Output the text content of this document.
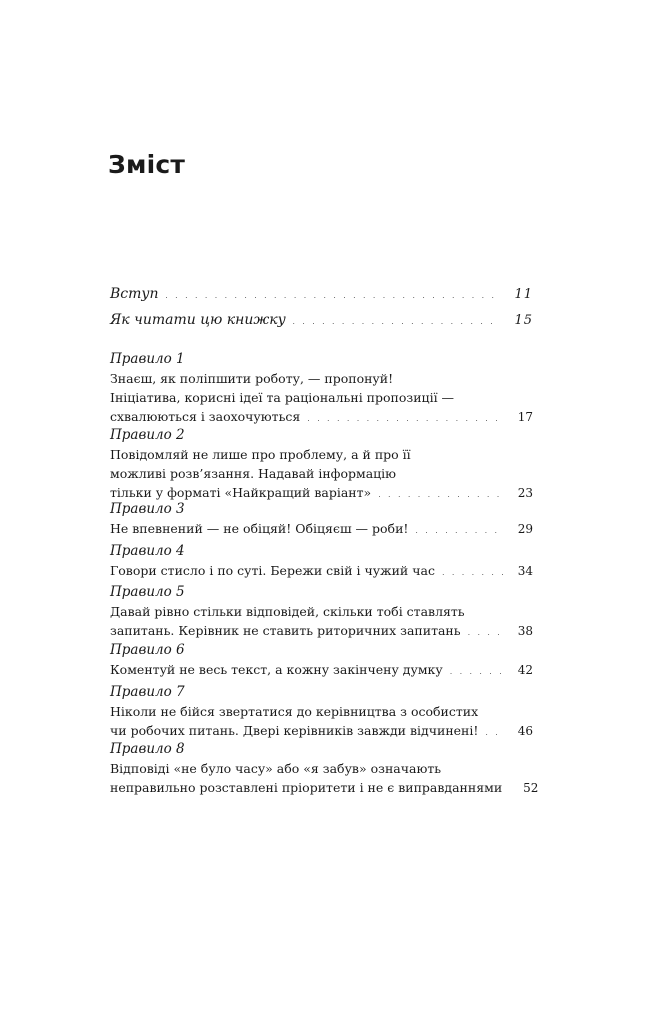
Зміст
Вступ . . .	11
Як читати цю книжку . . .	15
Правило 1
Знаєш, як поліпшити роботу, — пропонуй!
Ініціатива, корисні ідеї та раціональні пропозиції —
схвалюються і заохочуються . . .	17
Правило 2
Повідомляй не лише про проблему, а й про її
можливі розв’язання. Надавай інформацію
тільки у форматі «Найкращий варіант» . . .	23
Правило 3
Не впевнений — не обіцяй! Обіцяєш — роби! . . .	29
Правило 4
Говори стисло і по суті. Бережи свій і чужий час . . .	34
Правило 5
Давай рівно стільки відповідей, скільки тобі ставлять
запитань. Керівник не ставить риторичних запитань . . .	38
Правило 6
Коментуй не весь текст, а кожну закінчену думку . . .	42
Правило 7
Ніколи не бійся звертатися до керівництва з особистих
чи робочих питань. Двері керівників завжди відчинені! . . .	46
Правило 8
Відповіді «не було часу» або «я забув» означають
неправильно розставлені пріоритети і не є виправданнями 52
